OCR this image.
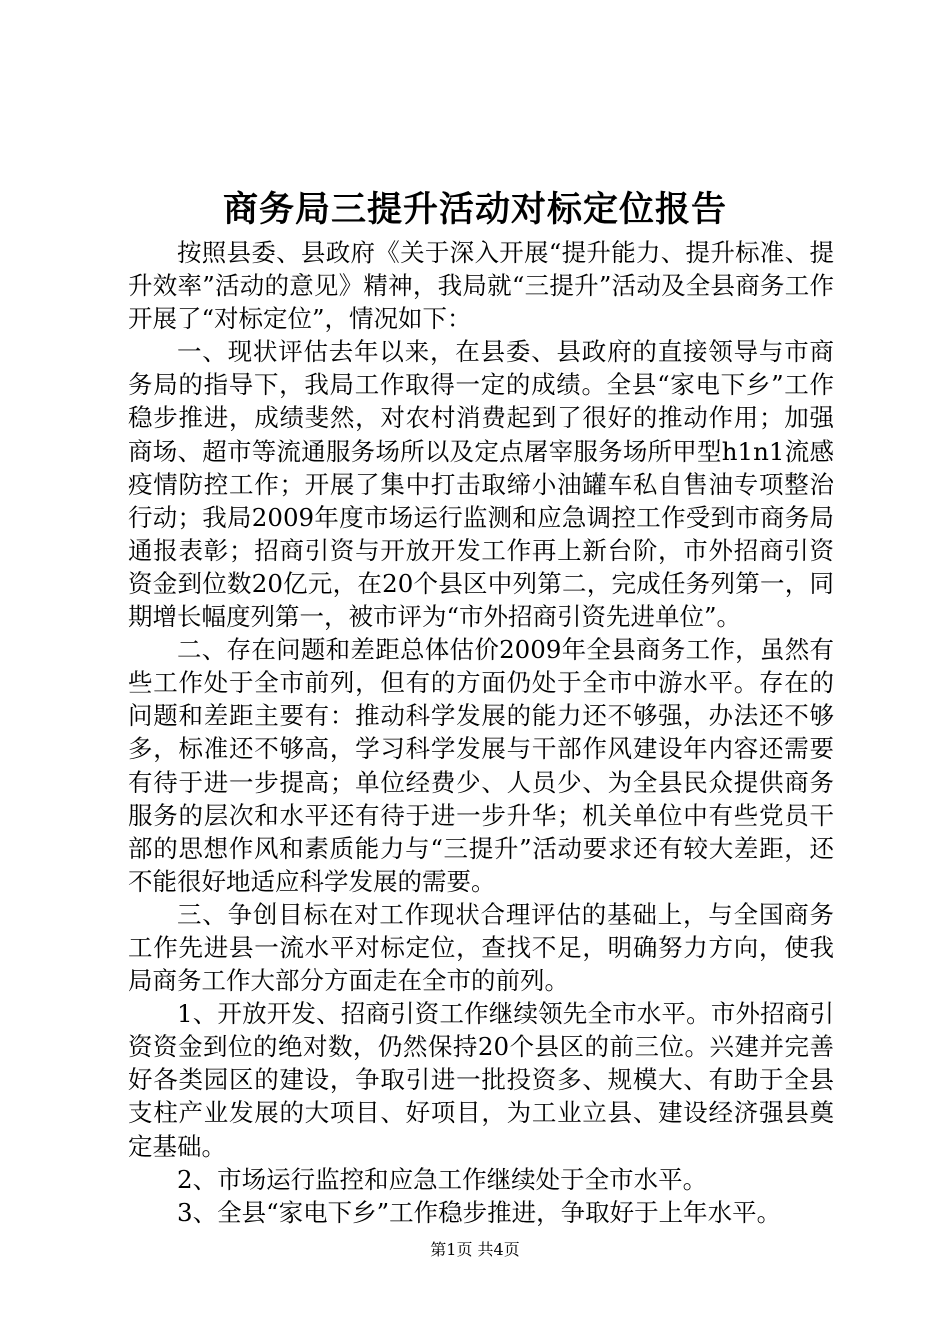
商务局三提升活动对标定位报告

按照县委、县政府《关于深入开展“提升能力、提升标准、提升效率”活动的意见》精神，我局就“三提升”活动及全县商务工作开展了“对标定位”，情况如下：

一、现状评估去年以来，在县委、县政府的直接领导与市商务局的指导下，我局工作取得一定的成绩。全县“家电下乡”工作稳步推进，成绩斐然，对农村消费起到了很好的推动作用；加强商场、超市等流通服务场所以及定点屠宰服务场所甲型h1n1流感疫情防控工作；开展了集中打击取缔小油罐车私自售油专项整治行动；我局2009年度市场运行监测和应急调控工作受到市商务局通报表彰；招商引资与开放开发工作再上新台阶，市外招商引资资金到位数20亿元，在20个县区中列第二，完成任务列第一，同期增长幅度列第一，被市评为“市外招商引资先进单位”。

二、存在问题和差距总体估价2009年全县商务工作，虽然有些工作处于全市前列，但有的方面仍处于全市中游水平。存在的问题和差距主要有：推动科学发展的能力还不够强，办法还不够多，标准还不够高，学习科学发展与干部作风建设年内容还需要有待于进一步提高；单位经费少、人员少、为全县民众提供商务服务的层次和水平还有待于进一步升华；机关单位中有些党员干部的思想作风和素质能力与“三提升”活动要求还有较大差距，还不能很好地适应科学发展的需要。

三、争创目标在对工作现状合理评估的基础上，与全国商务工作先进县一流水平对标定位，查找不足，明确努力方向，使我局商务工作大部分方面走在全市的前列。

1、开放开发、招商引资工作继续领先全市水平。市外招商引资资金到位的绝对数，仍然保持20个县区的前三位。兴建并完善好各类园区的建设，争取引进一批投资多、规模大、有助于全县支柱产业发展的大项目、好项目，为工业立县、建设经济强县奠定基础。

2、市场运行监控和应急工作继续处于全市水平。

3、全县“家电下乡”工作稳步推进，争取好于上年水平。

第1页 共4页
